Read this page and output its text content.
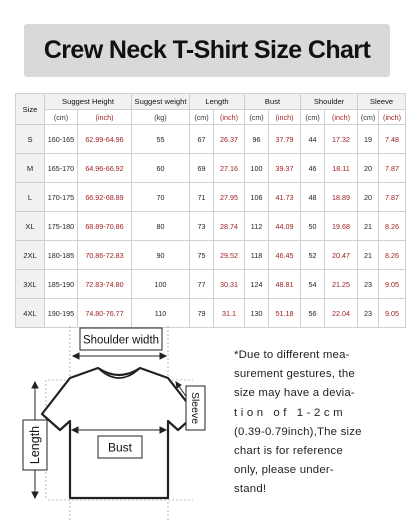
Crew Neck T-Shirt Size Chart
Size	Suggest Height		Suggest weight	Length		Bust		Shoulder		Sleeve	
	(cm)	(inch)	(kg)	(cm)	(inch)	(cm)	(inch)	(cm)	(inch)	(cm)	(inch)
S	160-165	62.99-64.96	55	67	26.37	96	37.79	44	17.32	19	7.48
M	165-170	64.96-66.92	60	69	27.16	100	39.37	46	18.11	20	7.87
L	170-175	66.92-68.89	70	71	27.95	106	41.73	48	18.89	20	7.87
XL	175-180	68.89-70.86	80	73	28.74	112	44.09	50	19.68	21	8.26
2XL	180-185	70.86-72.83	90	75	29.52	118	46.45	52	20.47	21	8.26
3XL	185-190	72.83-74.80	100	77	30.31	124	48.81	54	21.25	23	9.05
4XL	190-195	74.80-76.77	110	79	31.1	130	51.18	56	22.04	23	9.05
Shoulder width
Bust
Sleeve
Length
*Due to different mea-
surement gestures, the
size may have a devia-
t i o n   o f   1 - 2 c m
(0.39-0.79inch),The size
chart is for reference
only, please under-
stand!
